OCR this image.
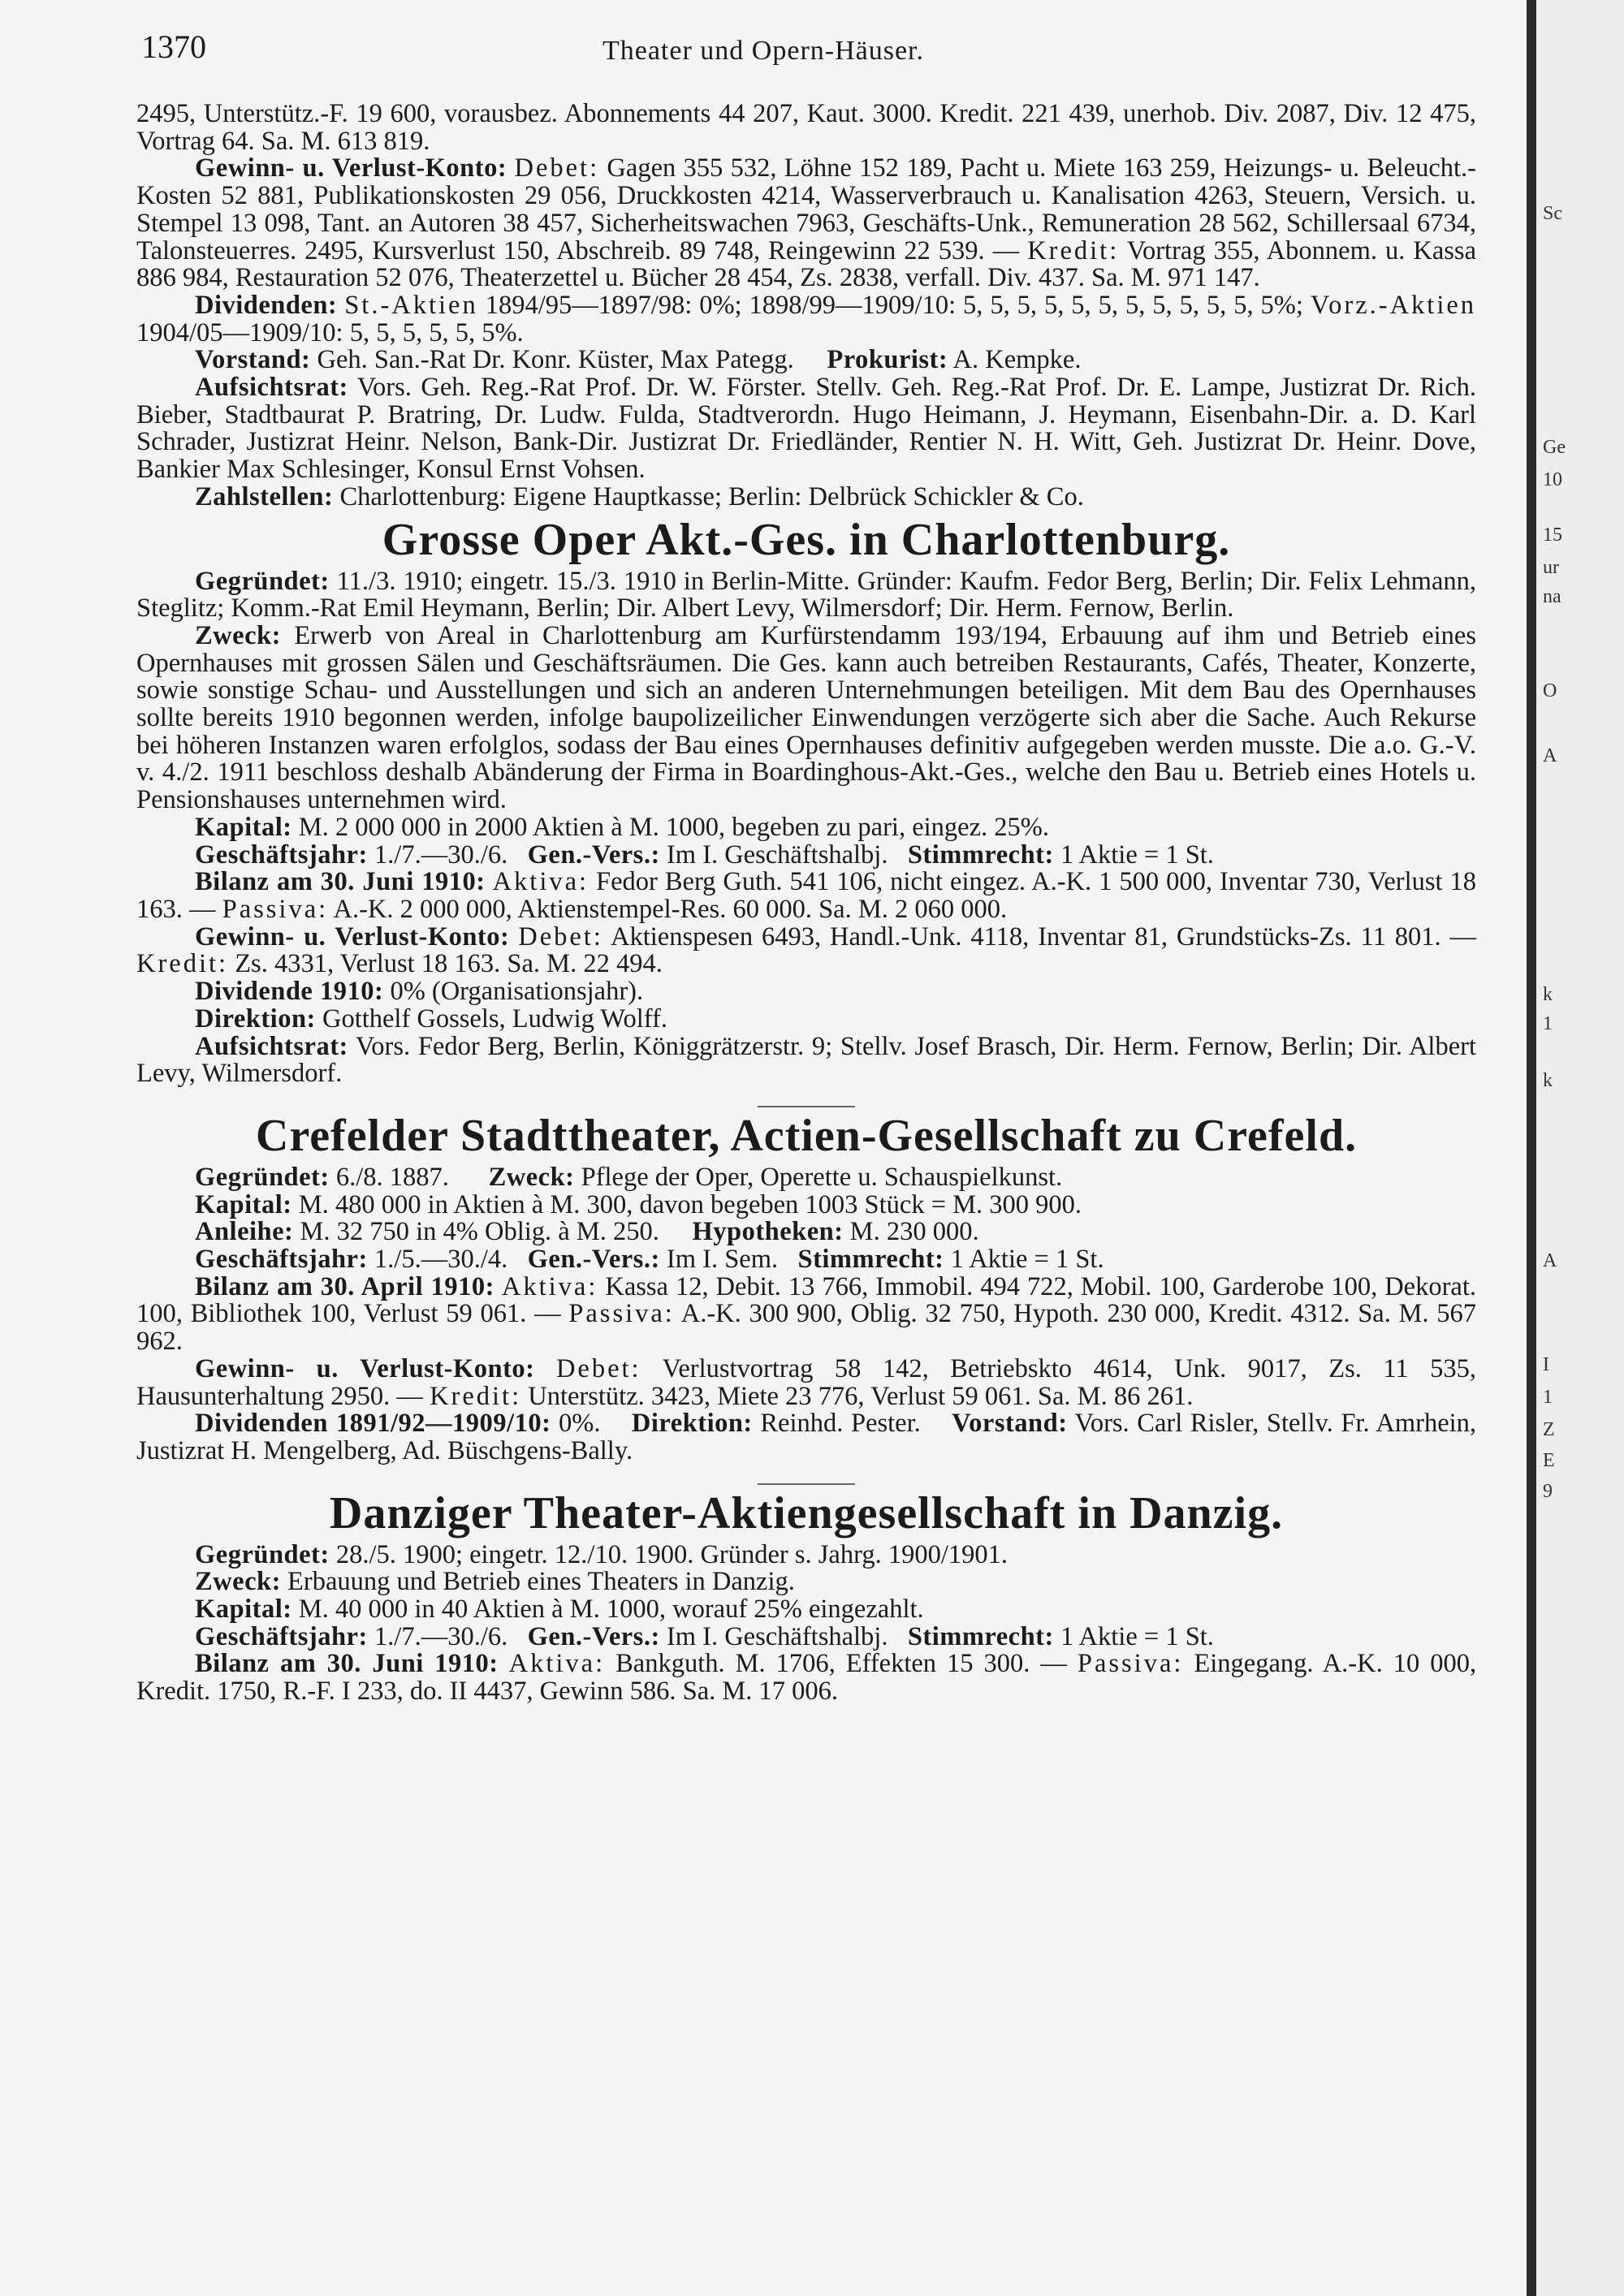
1370	Theater und Opern-Häuser.

2495, Unterstütz.-F. 19 600, vorausbez. Abonnements 44 207, Kaut. 3000. Kredit. 221 439, unerhob. Div. 2087, Div. 12 475, Vortrag 64. Sa. M. 613 819.

Gewinn- u. Verlust-Konto: Debet: Gagen 355 532, Löhne 152 189, Pacht u. Miete 163 259, Heizungs- u. Beleucht.-Kosten 52 881, Publikationskosten 29 056, Druckkosten 4214, Wasserverbrauch u. Kanalisation 4263, Steuern, Versich. u. Stempel 13 098, Tant. an Autoren 38 457, Sicherheitswachen 7963, Geschäfts-Unk., Remuneration 28 562, Schillersaal 6734, Talonsteuerres. 2495, Kursverlust 150, Abschreib. 89 748, Reingewinn 22 539. — Kredit: Vortrag 355, Abonnem. u. Kassa 886 984, Restauration 52 076, Theaterzettel u. Bücher 28 454, Zs. 2838, verfall. Div. 437. Sa. M. 971 147.

Dividenden: St.-Aktien 1894/95—1897/98: 0%; 1898/99—1909/10: 5, 5, 5, 5, 5, 5, 5, 5, 5, 5, 5, 5%; Vorz.-Aktien 1904/05—1909/10: 5, 5, 5, 5, 5, 5%.

Vorstand: Geh. San.-Rat Dr. Konr. Küster, Max Pategg. Prokurist: A. Kempke.

Aufsichtsrat: Vors. Geh. Reg.-Rat Prof. Dr. W. Förster. Stellv. Geh. Reg.-Rat Prof. Dr. E. Lampe, Justizrat Dr. Rich. Bieber, Stadtbaurat P. Bratring, Dr. Ludw. Fulda, Stadtverordn. Hugo Heimann, J. Heymann, Eisenbahn-Dir. a. D. Karl Schrader, Justizrat Heinr. Nelson, Bank-Dir. Justizrat Dr. Friedländer, Rentier N. H. Witt, Geh. Justizrat Dr. Heinr. Dove, Bankier Max Schlesinger, Konsul Ernst Vohsen.

Zahlstellen: Charlottenburg: Eigene Hauptkasse; Berlin: Delbrück Schickler & Co.

Grosse Oper Akt.-Ges. in Charlottenburg.

Gegründet: 11./3. 1910; eingetr. 15./3. 1910 in Berlin-Mitte. Gründer: Kaufm. Fedor Berg, Berlin; Dir. Felix Lehmann, Steglitz; Komm.-Rat Emil Heymann, Berlin; Dir. Albert Levy, Wilmersdorf; Dir. Herm. Fernow, Berlin.

Zweck: Erwerb von Areal in Charlottenburg am Kurfürstendamm 193/194, Erbauung auf ihm und Betrieb eines Opernhauses mit grossen Sälen und Geschäftsräumen. Die Ges. kann auch betreiben Restaurants, Cafés, Theater, Konzerte, sowie sonstige Schau- und Ausstellungen und sich an anderen Unternehmungen beteiligen. Mit dem Bau des Opernhauses sollte bereits 1910 begonnen werden, infolge baupolizeilicher Einwendungen verzögerte sich aber die Sache. Auch Rekurse bei höheren Instanzen waren erfolglos, sodass der Bau eines Opernhauses definitiv aufgegeben werden musste. Die a.o. G.-V. v. 4./2. 1911 beschloss deshalb Abänderung der Firma in Boardinghous-Akt.-Ges., welche den Bau u. Betrieb eines Hotels u. Pensionshauses unternehmen wird.

Kapital: M. 2 000 000 in 2000 Aktien à M. 1000, begeben zu pari, eingez. 25%.

Geschäftsjahr: 1./7.—30./6. Gen.-Vers.: Im I. Geschäftshalbj. Stimmrecht: 1 Aktie = 1 St.

Bilanz am 30. Juni 1910: Aktiva: Fedor Berg Guth. 541 106, nicht eingez. A.-K. 1 500 000, Inventar 730, Verlust 18 163. — Passiva: A.-K. 2 000 000, Aktienstempel-Res. 60 000. Sa. M. 2 060 000.

Gewinn- u. Verlust-Konto: Debet: Aktienspesen 6493, Handl.-Unk. 4118, Inventar 81, Grundstücks-Zs. 11 801. — Kredit: Zs. 4331, Verlust 18 163. Sa. M. 22 494.

Dividende 1910: 0% (Organisationsjahr).

Direktion: Gotthelf Gossels, Ludwig Wolff.

Aufsichtsrat: Vors. Fedor Berg, Berlin, Königgrätzerstr. 9; Stellv. Josef Brasch, Dir. Herm. Fernow, Berlin; Dir. Albert Levy, Wilmersdorf.

Crefelder Stadttheater, Actien-Gesellschaft zu Crefeld.

Gegründet: 6./8. 1887. Zweck: Pflege der Oper, Operette u. Schauspielkunst.

Kapital: M. 480 000 in Aktien à M. 300, davon begeben 1003 Stück = M. 300 900.

Anleihe: M. 32 750 in 4% Oblig. à M. 250. Hypotheken: M. 230 000.

Geschäftsjahr: 1./5.—30./4. Gen.-Vers.: Im I. Sem. Stimmrecht: 1 Aktie = 1 St.

Bilanz am 30. April 1910: Aktiva: Kassa 12, Debit. 13 766, Immobil. 494 722, Mobil. 100, Garderobe 100, Dekorat. 100, Bibliothek 100, Verlust 59 061. — Passiva: A.-K. 300 900, Oblig. 32 750, Hypoth. 230 000, Kredit. 4312. Sa. M. 567 962.

Gewinn- u. Verlust-Konto: Debet: Verlustvortrag 58 142, Betriebskto 4614, Unk. 9017, Zs. 11 535, Hausunterhaltung 2950. — Kredit: Unterstütz. 3423, Miete 23 776, Verlust 59 061. Sa. M. 86 261.

Dividenden 1891/92—1909/10: 0%. Direktion: Reinhd. Pester. Vorstand: Vors. Carl Risler, Stellv. Fr. Amrhein, Justizrat H. Mengelberg, Ad. Büschgens-Bally.

Danziger Theater-Aktiengesellschaft in Danzig.

Gegründet: 28./5. 1900; eingetr. 12./10. 1900. Gründer s. Jahrg. 1900/1901.

Zweck: Erbauung und Betrieb eines Theaters in Danzig.

Kapital: M. 40 000 in 40 Aktien à M. 1000, worauf 25% eingezahlt.

Geschäftsjahr: 1./7.—30./6. Gen.-Vers.: Im I. Geschäftshalbj. Stimmrecht: 1 Aktie = 1 St.

Bilanz am 30. Juni 1910: Aktiva: Bankguth. M. 1706, Effekten 15 300. — Passiva: Eingegang. A.-K. 10 000, Kredit. 1750, R.-F. I 233, do. II 4437, Gewinn 586. Sa. M. 17 006.

Sc
Ge
10
15
ur
na
O
A
k
1
k
A
I
1
Z
E
9
